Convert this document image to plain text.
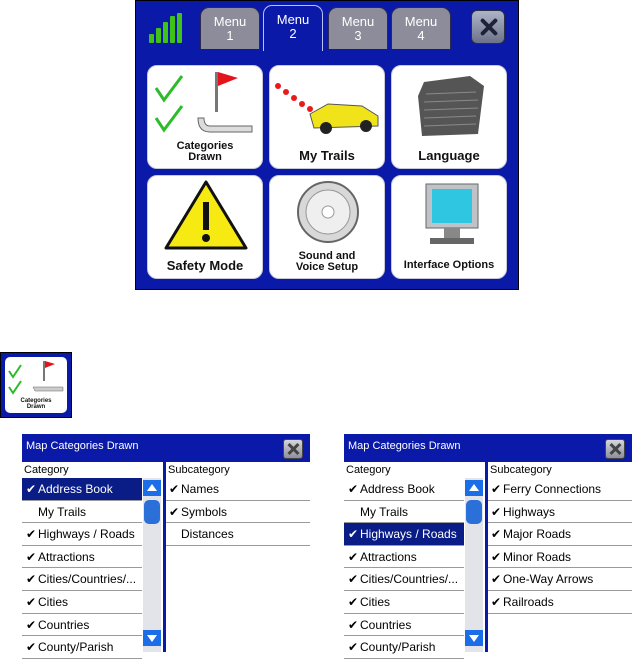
Menu
1
Menu
2
Menu
3
Menu
4
Categories
Drawn	My Trails	Language
Safety Mode
Sound and
Voice Setup	Interface Options
Categories
Drawn
Map Categories Drawn
Category
✔ Address Book
My Trails
✔ Highways / Roads
✔ Attractions
✔ Cities/Countries/...
✔ Cities
✔ Countries
✔ County/Parish
Subcategory
✔ Names
✔ Symbols
Distances
Map Categories Drawn
Category
✔ Address Book
My Trails
✔ Highways / Roads
✔ Attractions
✔ Cities/Countries/...
✔ Cities
✔ Countries
✔ County/Parish
Subcategory
✔ Ferry Connections
✔ Highways
✔ Major Roads
✔ Minor Roads
✔ One-Way Arrows
✔ Railroads
